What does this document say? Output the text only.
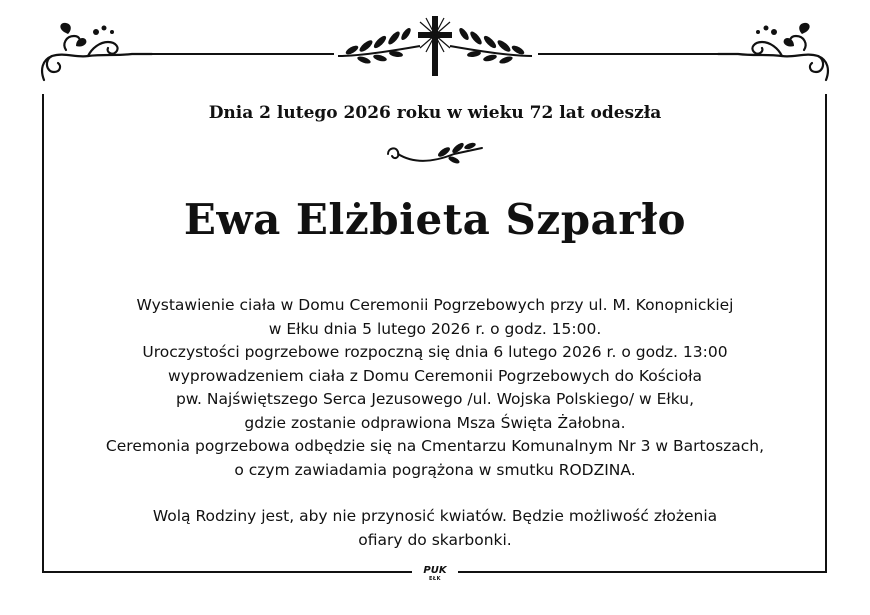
Dnia 2 lutego 2026 roku w wieku 72 lat odeszła
Ewa Elżbieta Szparło
Wystawienie ciała w Domu Ceremonii Pogrzebowych przy ul. M. Konopnickiej
w Ełku dnia 5 lutego 2026 r. o godz. 15:00.
Uroczystości pogrzebowe rozpoczną się dnia 6 lutego 2026 r. o godz. 13:00
wyprowadzeniem ciała z Domu Ceremonii Pogrzebowych do Kościoła
pw. Najświętszego Serca Jezusowego /ul. Wojska Polskiego/ w Ełku,
gdzie zostanie odprawiona Msza Święta Żałobna.
Ceremonia pogrzebowa odbędzie się na Cmentarzu Komunalnym Nr 3 w Bartoszach,
o czym zawiadamia pogrążona w smutku RODZINA.
Wolą Rodziny jest, aby nie przynosić kwiatów. Będzie możliwość złożenia
ofiary do skarbonki.
PUK
EŁK
